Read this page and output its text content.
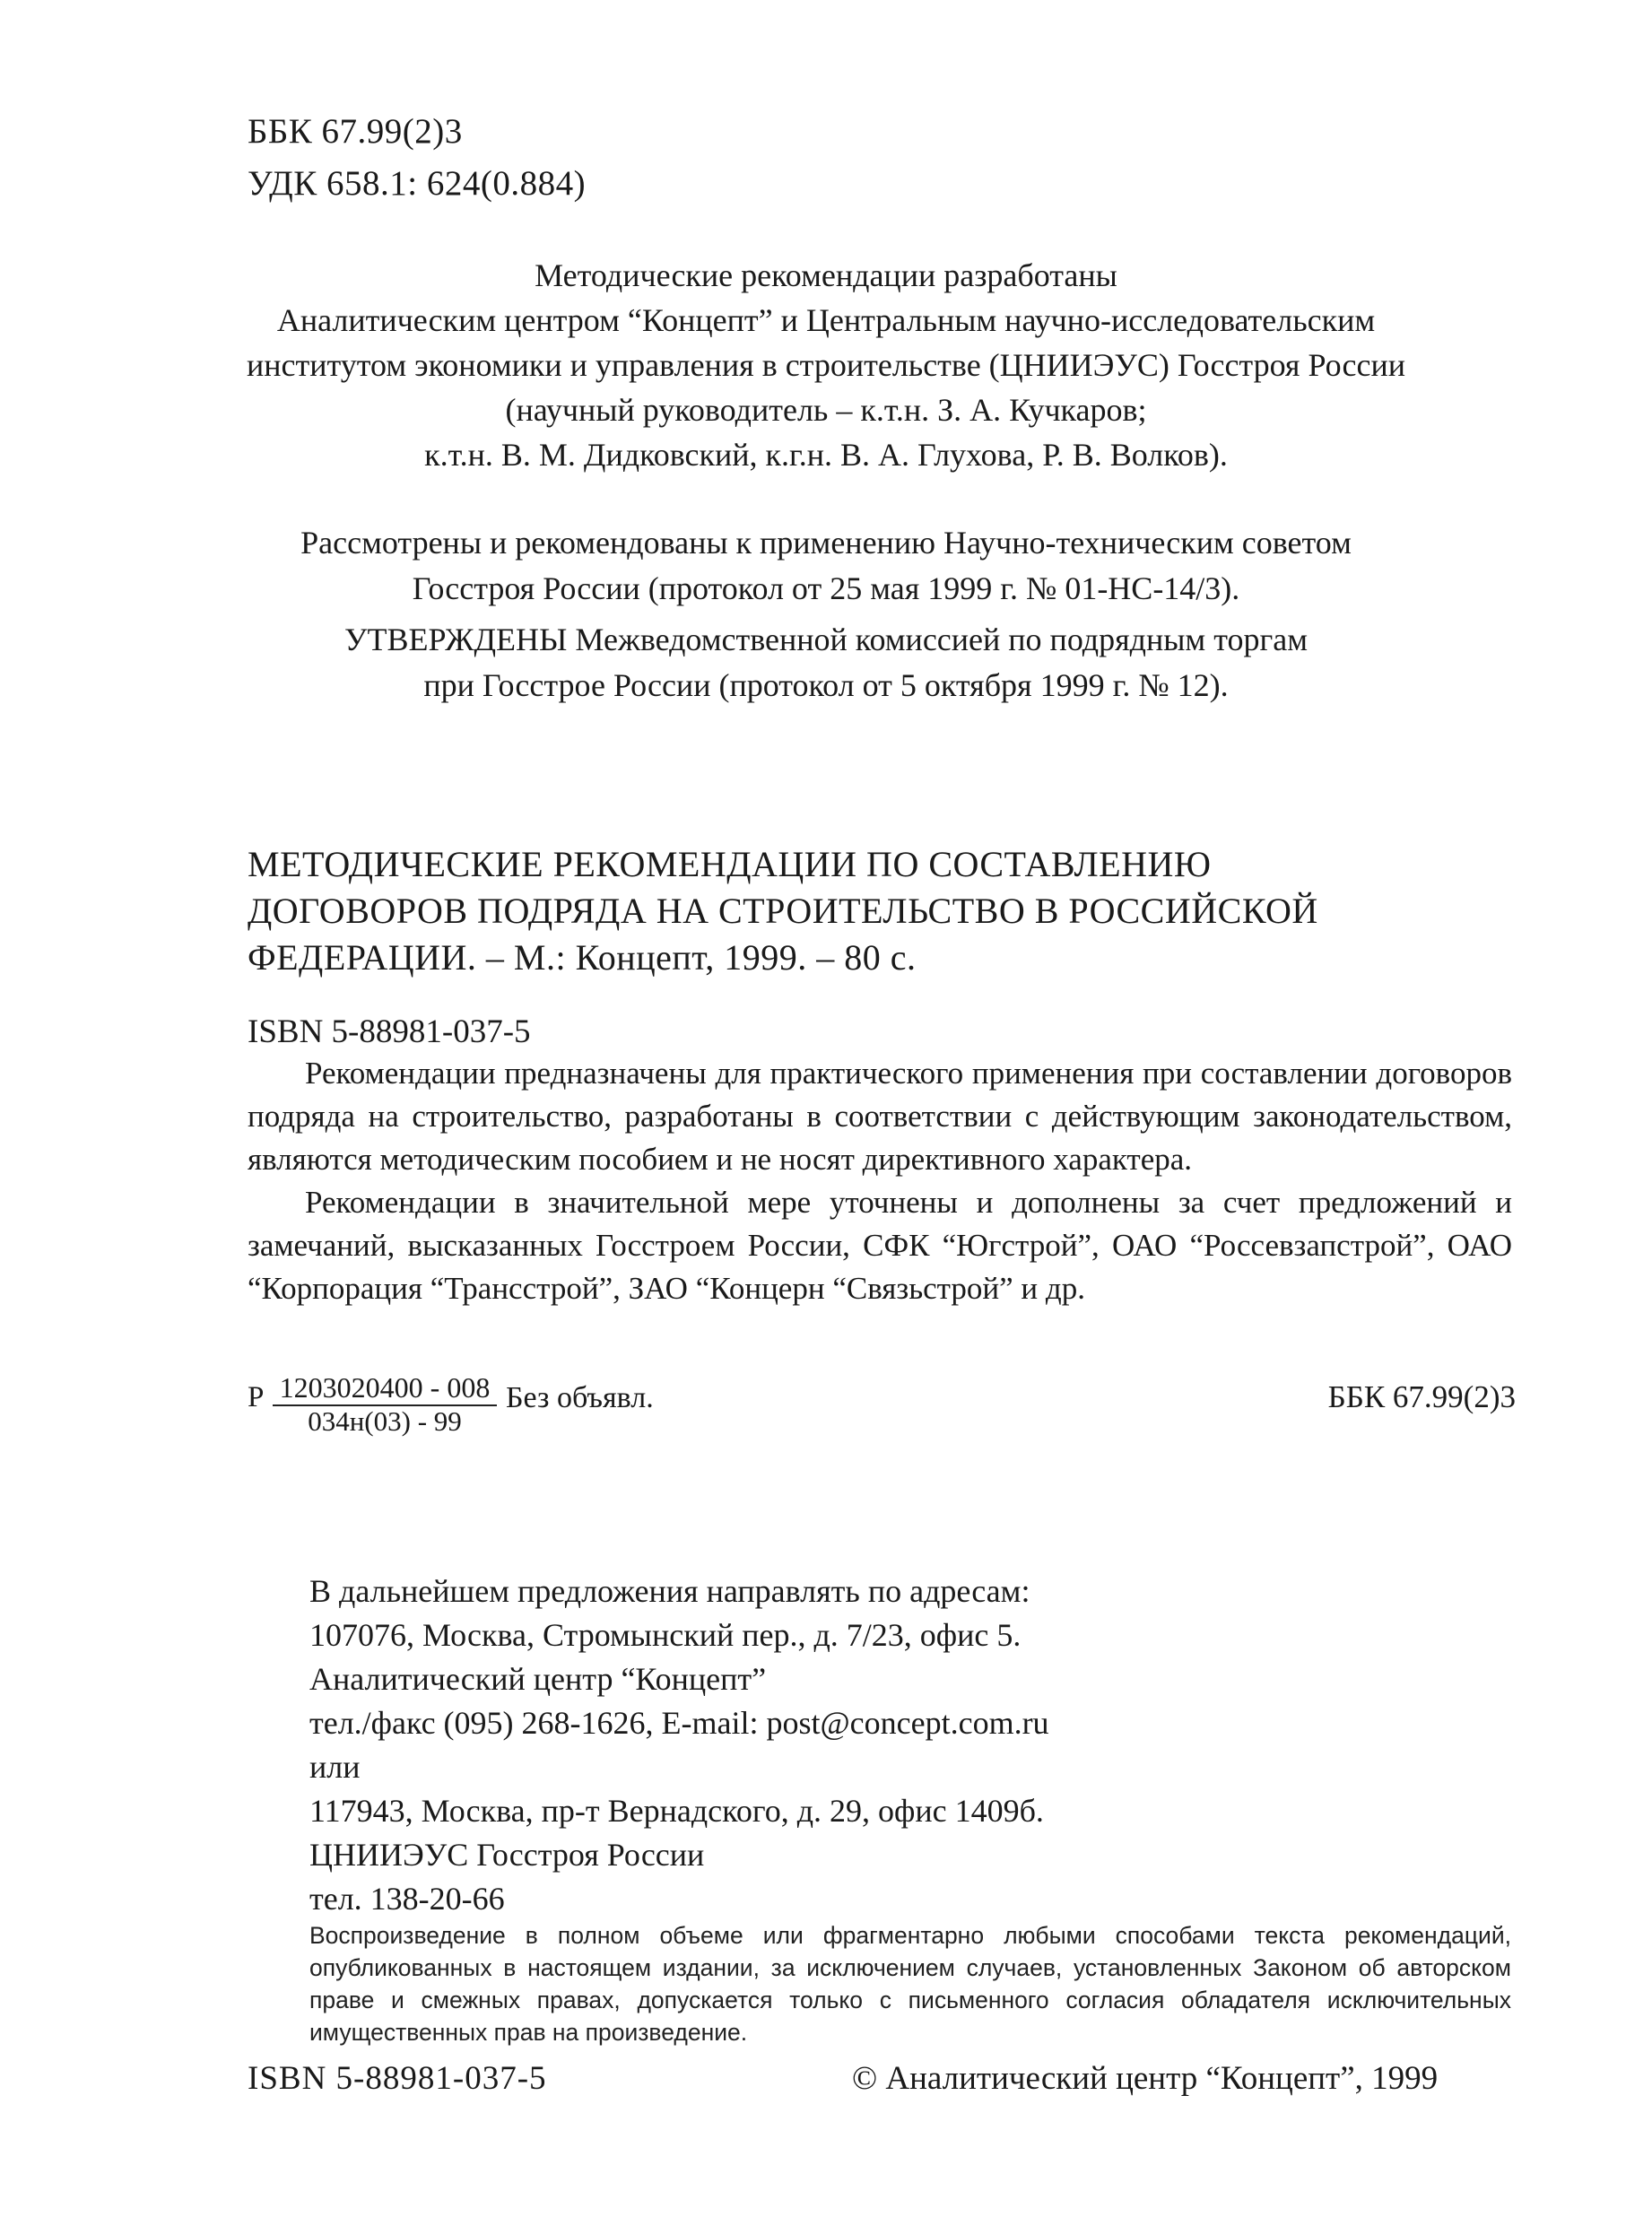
ББК 67.99(2)3
УДК 658.1: 624(0.884)
Методические рекомендации разработаны
Аналитическим центром “Концепт” и Центральным научно-исследовательским
институтом экономики и управления в строительстве (ЦНИИЭУС) Госстроя России
(научный руководитель – к.т.н. З. А. Кучкаров;
к.т.н. В. М. Дидковский, к.г.н. В. А. Глухова, Р. В. Волков).
Рассмотрены и рекомендованы к применению Научно-техническим советом
Госстроя России (протокол от 25 мая 1999 г. № 01-НС-14/3).
УТВЕРЖДЕНЫ Межведомственной комиссией по подрядным торгам
при Госстрое России (протокол от 5 октября 1999 г. № 12).
МЕТОДИЧЕСКИЕ РЕКОМЕНДАЦИИ ПО СОСТАВЛЕНИЮ
ДОГОВОРОВ ПОДРЯДА НА СТРОИТЕЛЬСТВО В РОССИЙСКОЙ
ФЕДЕРАЦИИ. – М.: Концепт, 1999. – 80 с.
ISBN 5-88981-037-5

Рекомендации предназначены для практического применения при составлении договоров подряда на строительство, разработаны в соответствии с действующим законодательством, являются методическим пособием и не носят директивного характера.

Рекомендации в значительной мере уточнены и дополнены за счет предложений и замечаний, высказанных Госстроем России, СФК “Югстрой”, ОАО “Россевзапстрой”, ОАО “Корпорация “Трансстрой”, ЗАО “Концерн “Связьстрой” и др.

Р 1203020400 - 008
034н(03) - 99
Без объявл.	ББК 67.99(2)3
В дальнейшем предложения направлять по адресам:
107076, Москва, Стромынский пер., д. 7/23, офис 5.
Аналитический центр “Концепт”
тел./факс (095) 268-1626, E-mail: post@concept.com.ru
или
117943, Москва, пр-т Вернадского, д. 29, офис 1409б.
ЦНИИЭУС Госстроя России
тел. 138-20-66

Воспроизведение в полном объеме или фрагментарно любыми способами текста рекомендаций, опубликованных в настоящем издании, за исключением случаев, установленных Законом об авторском праве и смежных правах, допускается только с письменного согласия обладателя исключительных имущественных прав на произведение.

ISBN 5-88981-037-5	© Аналитический центр “Концепт”, 1999
